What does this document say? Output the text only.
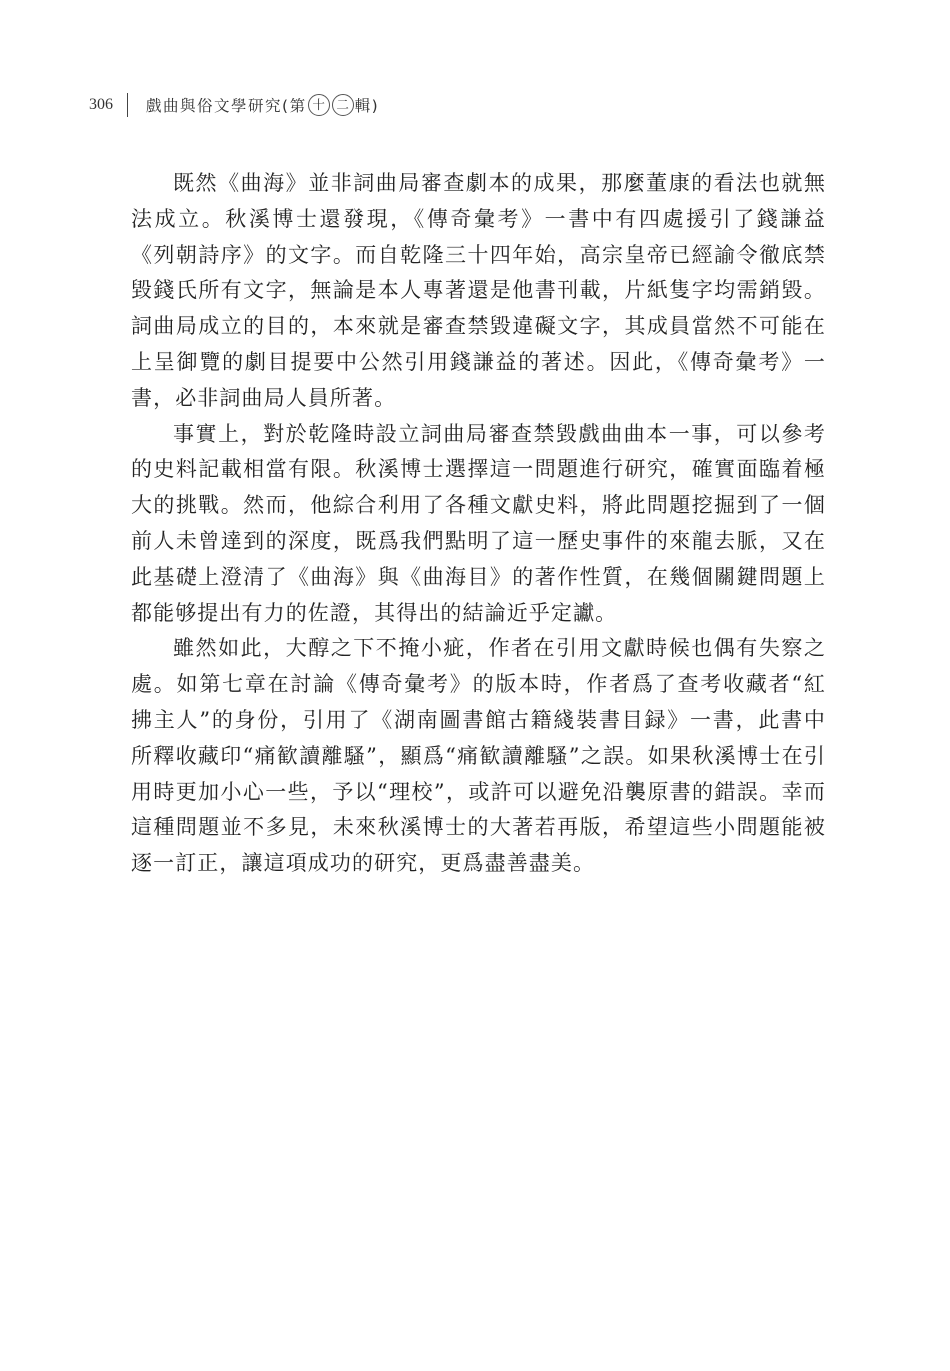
306 戲曲與俗文學研究 (第 十 二 輯)

既然《曲海》並非詞曲局審查劇本的成果，那麼董康的看法也就無法成立。秋溪博士還發現，《傳奇彙考》一書中有四處援引了錢謙益《列朝詩序》的文字。而自乾隆三十四年始，高宗皇帝已經諭令徹底禁毀錢氏所有文字，無論是本人專著還是他書刊載，片紙隻字均需銷毀。詞曲局成立的目的，本來就是審查禁毀違礙文字，其成員當然不可能在上呈御覽的劇目提要中公然引用錢謙益的著述。因此，《傳奇彙考》一書，必非詞曲局人員所著。

事實上，對於乾隆時設立詞曲局審查禁毀戲曲曲本一事，可以參考的史料記載相當有限。秋溪博士選擇這一問題進行研究，確實面臨着極大的挑戰。然而，他綜合利用了各種文獻史料，將此問題挖掘到了一個前人未曾達到的深度，既爲我們點明了這一歷史事件的來龍去脈，又在此基礎上澄清了《曲海》與《曲海目》的著作性質，在幾個關鍵問題上都能够提出有力的佐證，其得出的結論近乎定讞。

雖然如此，大醇之下不掩小疵，作者在引用文獻時候也偶有失察之處。如第七章在討論《傳奇彙考》的版本時，作者爲了查考收藏者“紅拂主人”的身份，引用了《湖南圖書館古籍綫裝書目録》一書，此書中所釋收藏印“痛歓讀離騷”，顯爲“痛歓讀離騷”之誤。如果秋溪博士在引用時更加小心一些，予以“理校”，或許可以避免沿襲原書的錯誤。幸而這種問題並不多見，未來秋溪博士的大著若再版，希望這些小問題能被逐一訂正，讓這項成功的研究，更爲盡善盡美。
